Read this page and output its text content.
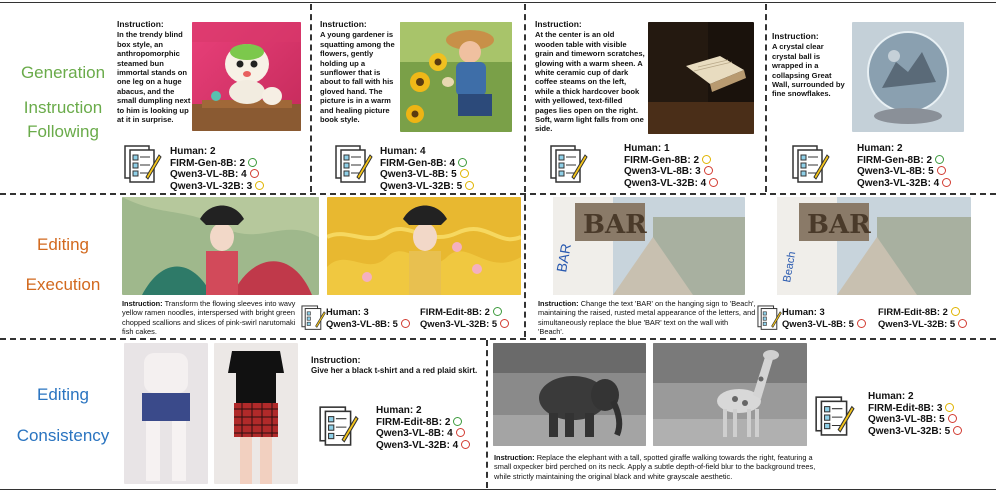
Generation
Instruction
Following
Editing
Execution
Editing
Consistency
Instruction:
In the trendy blind box style, an anthropomorphic steamed bun immortal stands on one leg on a huge abacus, and the small dumpling next to him is looking up at it in surprise.
Human: 2
FIRM-Gen-8B: 2
Qwen3-VL-8B: 4
Qwen3-VL-32B: 3
Instruction:
A young gardener is squatting among the flowers, gently holding up a sunflower that is about to fall with his gloved hand. The picture is in a warm and healing picture book style.
Human: 4
FIRM-Gen-8B: 4
Qwen3-VL-8B: 5
Qwen3-VL-32B: 5
Instruction:
At the center is an old wooden table with visible grain and timeworn scratches, glowing with a warm sheen. A white ceramic cup of dark coffee steams on the left, while a thick hardcover book with yellowed, text-filled pages lies open on the right. Soft, warm light falls from one side.
Human: 1
FIRM-Gen-8B: 2
Qwen3-VL-8B: 3
Qwen3-VL-32B: 4
Instruction:
A crystal clear crystal ball is wrapped in a collapsing Great Wall, surrounded by fine snowflakes.
Human: 2
FIRM-Gen-8B: 2
Qwen3-VL-8B: 5
Qwen3-VL-32B: 4
Instruction: Transform the flowing sleeves into wavy yellow ramen noodles, interspersed with bright green chopped scallions and slices of pink-swirl narutomaki fish cakes.
Human: 3
Qwen3-VL-8B: 5
FIRM-Edit-8B: 2
Qwen3-VL-32B: 5
BAR
BAR
BAR
Beach
Instruction: Change the text 'BAR' on the hanging sign to 'Beach', maintaining the raised, rusted metal appearance of the letters, and simultaneously replace the blue 'BAR' text on the wall with 'Beach'.
Human: 3
Qwen3-VL-8B: 5
FIRM-Edit-8B: 2
Qwen3-VL-32B: 5
Instruction:
Give her a black t-shirt and a red plaid skirt.
Human: 2
FIRM-Edit-8B: 2
Qwen3-VL-8B: 4
Qwen3-VL-32B: 4
Instruction: Replace the elephant with a tall, spotted giraffe walking towards the right, featuring a small oxpecker bird perched on its neck. Apply a subtle depth-of-field blur to the background trees, while strictly maintaining the original black and white grayscale aesthetic.
Human: 2
FIRM-Edit-8B: 3
Qwen3-VL-8B: 5
Qwen3-VL-32B: 5
